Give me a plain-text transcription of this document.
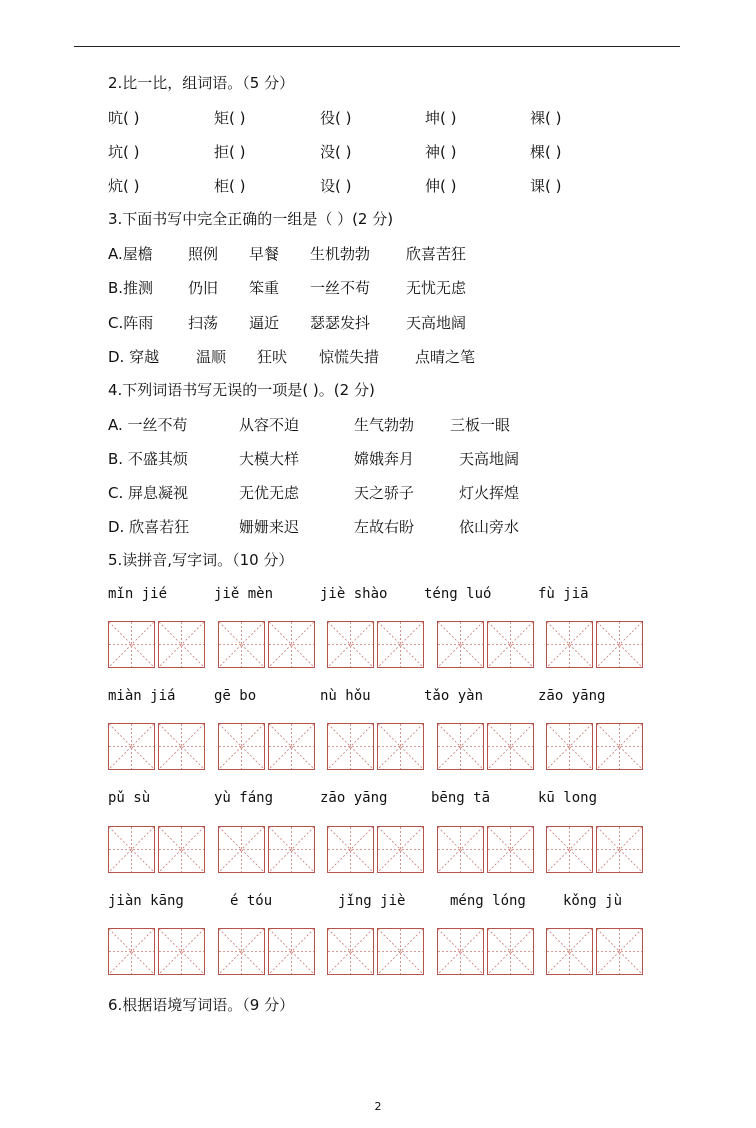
2.比一比，组词语。（5 分）
吭( )	矩( )	役( )	坤( )	裸( )
坑( )	拒( )	没( )	神( )	棵( )
炕( )	柜( )	设( )	伸( )	课( )
3.下面书写中完全正确的一组是（ ）(2 分)
A.屋檐 照例 早餐 生机勃勃 欣喜苦狂
B.推测 仍旧 笨重 一丝不苟 无忧无虑
C.阵雨 扫荡 逼近 瑟瑟发抖 天高地阔
D. 穿越 温顺 狂吠 惊慌失措 点晴之笔
4.下列词语书写无误的一项是( )。(2 分)
A. 一丝不苟	从容不迫	生气勃勃 三板一眼
B. 不盛其烦	大模大样	嫦娥奔月	天高地阔
C. 屏息凝视	无优无虑	天之骄子	灯火挥煌
D. 欣喜若狂	姗姗来迟	左故右盼	依山旁水
5.读拼音,写字词。（10 分）
mǐn jié	jiě mèn	jiè shào	téng luó	fù jiā
miàn jiá	gē bo	nù hǒu	tǎo yàn	zāo yāng
pǔ sù	yù fáng	zāo yāng	bēng tā	kū long
jiàn kāng	é tóu	jǐng jiè	méng lóng	kǒng jù
6.根据语境写词语。（9 分）
2
